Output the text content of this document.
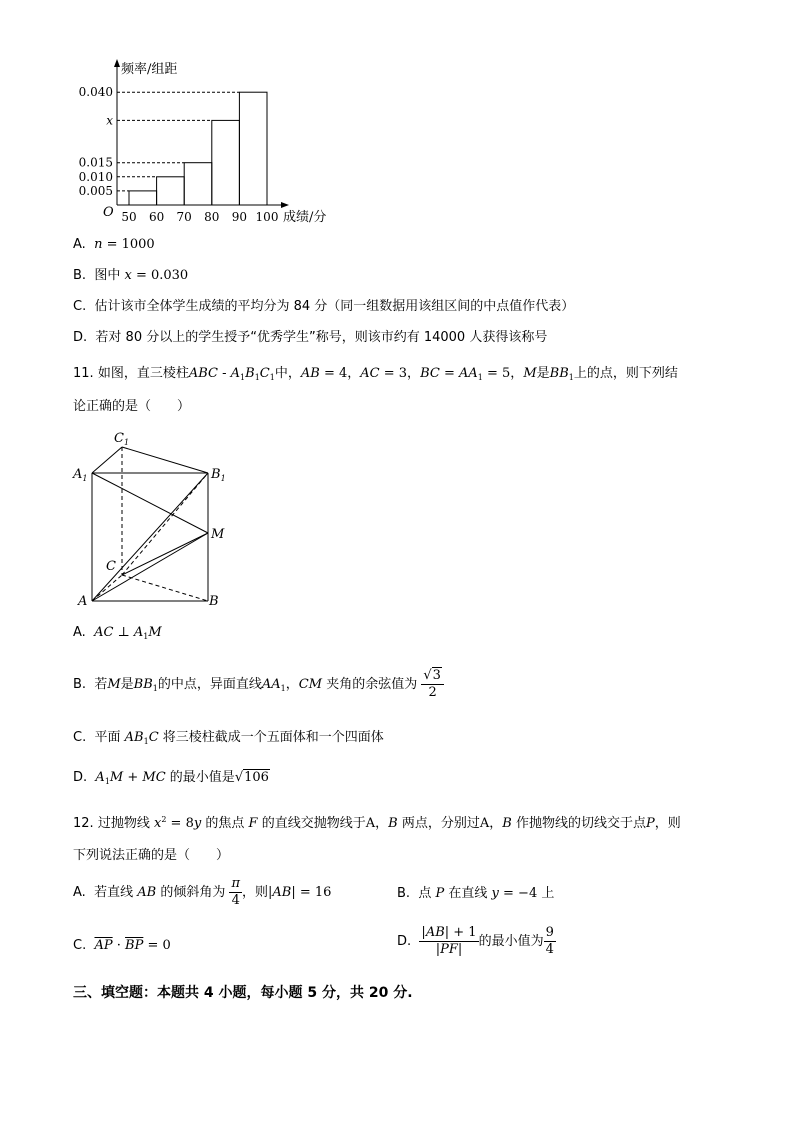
频率/组距
成绩/分
O
0.040
x
0.015
0.010
0.005
50 60 70 80 90 100
A. n = 1000
B. 图中 x = 0.030
C. 估计该市全体学生成绩的平均分为 84 分（同一组数据用该组区间的中点值作代表）
D. 若对 80 分以上的学生授予“优秀学生”称号，则该市约有 14000 人获得该称号
11. 如图，直三棱柱ABC - $A_1B_1C_1$中，AB = 4，AC = 3，BC = $AA_1 = 5$，M是$BB_1$上的点，则下列结
论正确的是（　　）
$C_1$
$A_1$	$B_1$
M
C
A	B
A. AC ⊥ $A_1M$
B. 若M是$BB_1$的中点，异面直线$AA_1$，CM 夹角的余弦值为 $\frac{√3}{2}$
C. 平面 $AB_1C$ 将三棱柱截成一个五面体和一个四面体
D. $A_1M$ + MC 的最小值是√106
12. 过抛物线 $x^2 = 8y$ 的焦点 F 的直线交抛物线于A，B 两点，分别过A，B 作抛物线的切线交于点P，则
下列说法正确的是（　　）
A. 若直线 AB 的倾斜角为 $\frac{\pi}{4}$ ，则|AB| = 16	B. 点 P 在直线 y = −4 上
C. $\overline{AP} \cdot \overline{BP} = 0$	D. $\frac{|AB| + 1}{|PF|}$ 的最小值为 $\frac{9}{4}$
三、填空题：本题共 4 小题，每小题 5 分，共 20 分.
